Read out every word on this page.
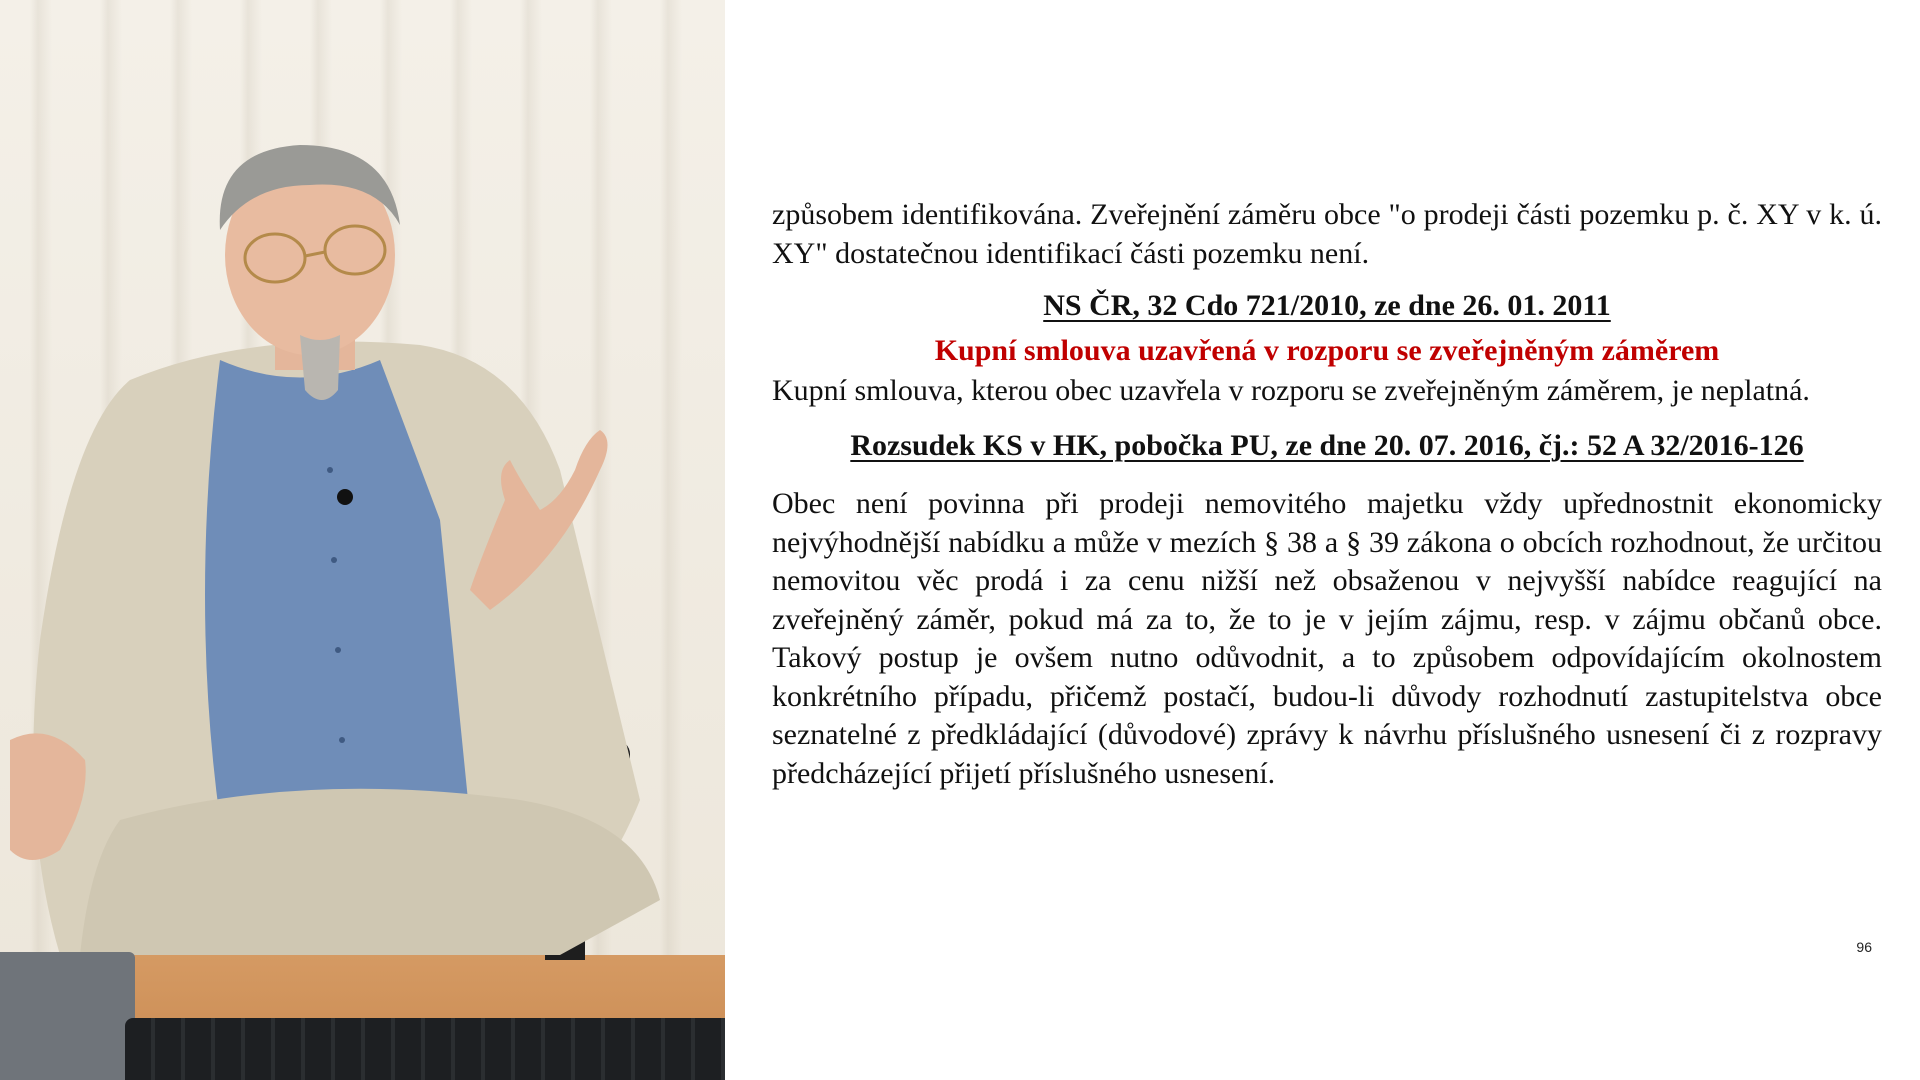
způsobem identifikována. Zveřejnění záměru obce "o prodeji části pozemku p. č. XY v k. ú. XY" dostatečnou identifikací části pozemku není.

NS ČR, 32 Cdo 721/2010, ze dne 26. 01. 2011

Kupní smlouva uzavřená v rozporu se zveřejněným záměrem

Kupní smlouva, kterou obec uzavřela v rozporu se zveřejněným záměrem, je neplatná.

Rozsudek KS v HK, pobočka PU, ze dne 20. 07. 2016, čj.: 52 A 32/2016-126

Obec není povinna při prodeji nemovitého majetku vždy upřednostnit ekonomicky nejvýhodnější nabídku a může v mezích § 38 a § 39 zákona o obcích rozhodnout, že určitou nemovitou věc prodá i za cenu nižší než obsaženou v nejvyšší nabídce reagující na zveřejněný záměr, pokud má za to, že to je v jejím zájmu, resp. v zájmu občanů obce. Takový postup je ovšem nutno odůvodnit, a to způsobem odpovídajícím okolnostem konkrétního případu, přičemž postačí, budou-li důvody rozhodnutí zastupitelstva obce seznatelné z předkládající (důvodové) zprávy k návrhu příslušného usnesení či z rozpravy předcházející přijetí příslušného usnesení.

96
